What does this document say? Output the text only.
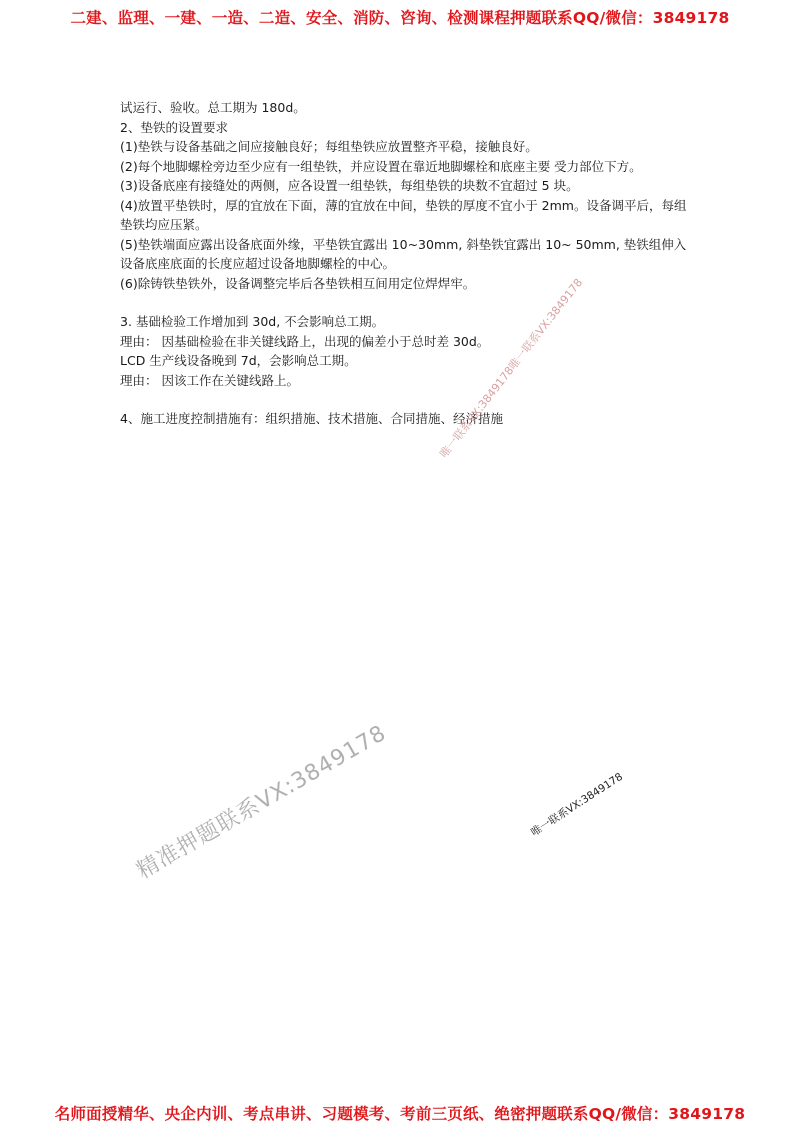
二建、监理、一建、一造、二造、安全、消防、咨询、检测课程押题联系QQ/微信：3849178

试运行、验收。总工期为 180d。

2、垫铁的设置要求

(1)垫铁与设备基础之间应接触良好；每组垫铁应放置整齐平稳，接触良好。

(2)每个地脚螺栓旁边至少应有一组垫铁，并应设置在靠近地脚螺栓和底座主要 受力部位下方。

(3)设备底座有接缝处的两侧，应各设置一组垫铁，每组垫铁的块数不宜超过 5 块。

(4)放置平垫铁时，厚的宜放在下面，薄的宜放在中间，垫铁的厚度不宜小于 2mm。设备调平后，每组垫铁均应压紧。

(5)垫铁端面应露出设备底面外缘，平垫铁宜露出 10~30mm, 斜垫铁宜露出 10~ 50mm, 垫铁组伸入设备底座底面的长度应超过设备地脚螺栓的中心。

(6)除铸铁垫铁外，设备调整完毕后各垫铁相互间用定位焊焊牢。

3. 基础检验工作增加到 30d, 不会影响总工期。

理由： 因基础检验在非关键线路上，出现的偏差小于总时差 30d。

LCD 生产线设备晚到 7d，会影响总工期。

理由： 因该工作在关键线路上。

4、施工进度控制措施有：组织措施、技术措施、合同措施、经济措施

唯一联系VX:3849178唯一联系VX:3849178
精准押题联系VX:3849178	唯一联系VX:3849178
名师面授精华、央企内训、考点串讲、习题模考、考前三页纸、绝密押题联系QQ/微信：3849178
